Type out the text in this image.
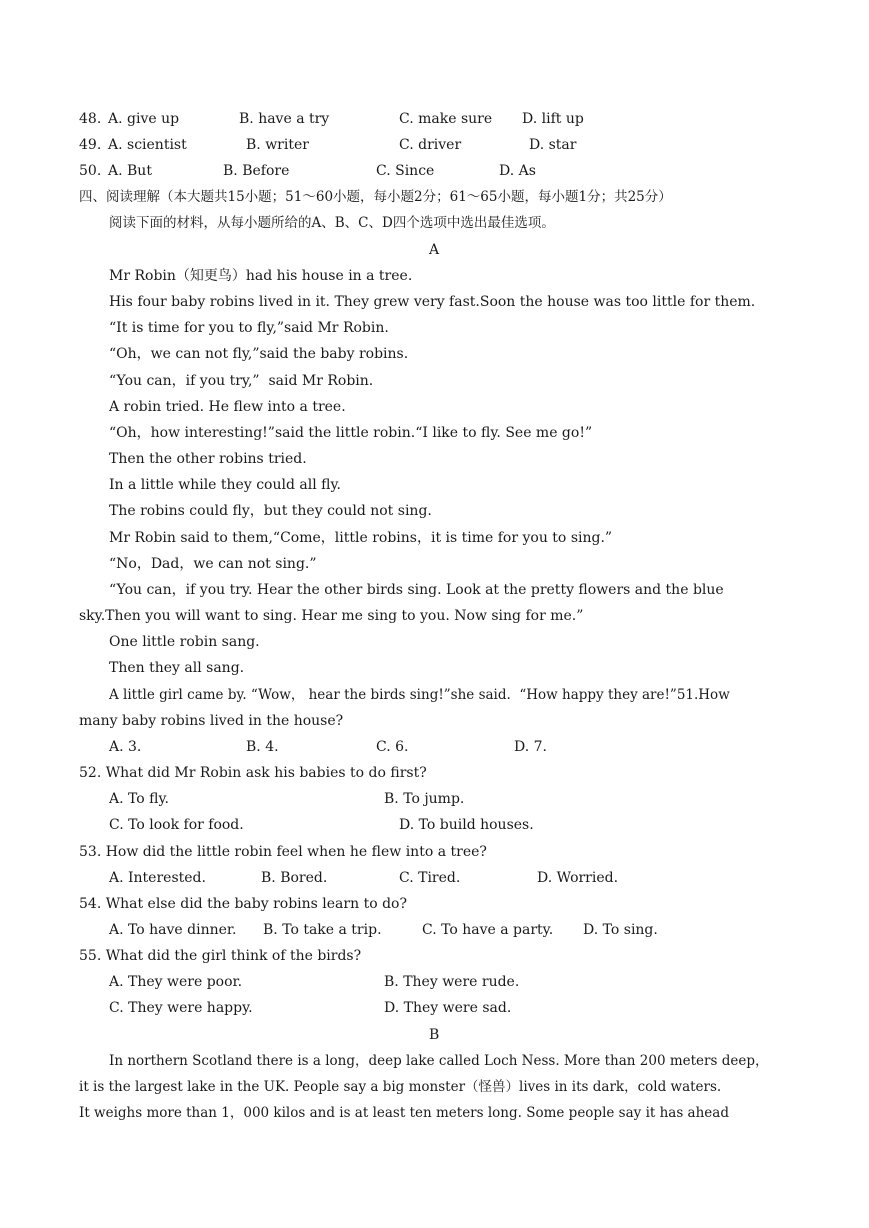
48. A. give up	B. have a try	C. make sure D. lift up
49. A. scientist	B. writer	C. driver	D. star
50. A. But	B. Before	C. Since	D. As
四、阅读理解（本大题共15小题；51～60小题，每小题2分；61～65小题，每小题1分；共25分）
阅读下面的材料，从每小题所给的A、B、C、D四个选项中选出最佳选项。
A
Mr Robin（知更鸟）had his house in a tree.
His four baby robins lived in it. They grew very fast.Soon the house was too little for them.
“It is time for you to fly,”said Mr Robin.
“Oh，we can not fly,”said the baby robins.
“You can，if you try,”  said Mr Robin.
A robin tried. He flew into a tree.
“Oh，how interesting!”said the little robin.“I like to fly. See me go!”
Then the other robins tried.
In a little while they could all fly.
The robins could fly，but they could not sing.
Mr Robin said to them,“Come，little robins，it is time for you to sing.”
“No，Dad，we can not sing.”
“You can，if you try. Hear the other birds sing. Look at the pretty flowers and the blue
sky.Then you will want to sing. Hear me sing to you. Now sing for me.”
One little robin sang.
Then they all sang.
A little girl came by. “Wow， hear the birds sing!”she said.  “How happy they are!”51.How
many baby robins lived in the house?
A. 3.	B. 4.	C. 6.	D. 7.
52. What did Mr Robin ask his babies to do first?
A. To fly.	B. To jump.
C. To look for food.	D. To build houses.
53. How did the little robin feel when he flew into a tree?
A. Interested.	B. Bored.	C. Tired.	D. Worried.
54. What else did the baby robins learn to do?
A. To have dinner. B. To take a trip.	C. To have a party. D. To sing.
55. What did the girl think of the birds?
A. They were poor.	B. They were rude.
C. They were happy.	D. They were sad.
B
In northern Scotland there is a long，deep lake called Loch Ness. More than 200 meters deep，
it is the largest lake in the UK. People say a big monster（怪兽）lives in its dark，cold waters.
It weighs more than 1，000 kilos and is at least ten meters long. Some people say it has ahead
